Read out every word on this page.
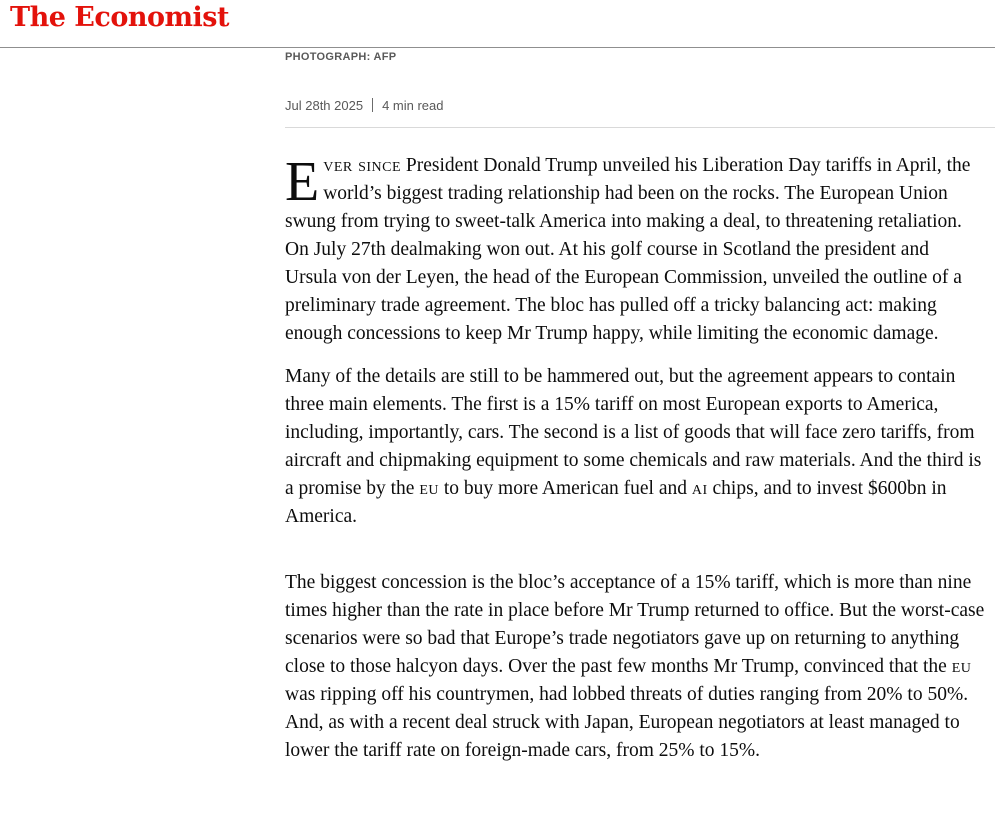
The Economist
PHOTOGRAPH: AFP
Jul 28th 2025 4 min read

Ever since President Donald Trump unveiled his Liberation Day tariffs in April, the world’s biggest trading relationship had been on the rocks. The European Union swung from trying to sweet-talk America into making a deal, to threatening retaliation. On July 27th dealmaking won out. At his golf course in Scotland the president and Ursula von der Leyen, the head of the European Commission, unveiled the outline of a preliminary trade agreement. The bloc has pulled off a tricky balancing act: making enough concessions to keep Mr Trump happy, while limiting the economic damage.

Many of the details are still to be hammered out, but the agreement appears to contain three main elements. The first is a 15% tariff on most European exports to America, including, importantly, cars. The second is a list of goods that will face zero tariffs, from aircraft and chipmaking equipment to some chemicals and raw materials. And the third is a promise by the eu to buy more American fuel and ai chips, and to invest $600bn in America.

The biggest concession is the bloc’s acceptance of a 15% tariff, which is more than nine times higher than the rate in place before Mr Trump returned to office. But the worst-case scenarios were so bad that Europe’s trade negotiators gave up on returning to anything close to those halcyon days. Over the past few months Mr Trump, convinced that the eu was ripping off his countrymen, had lobbed threats of duties ranging from 20% to 50%. And, as with a recent deal struck with Japan, European negotiators at least managed to lower the tariff rate on foreign-made cars, from 25% to 15%.
